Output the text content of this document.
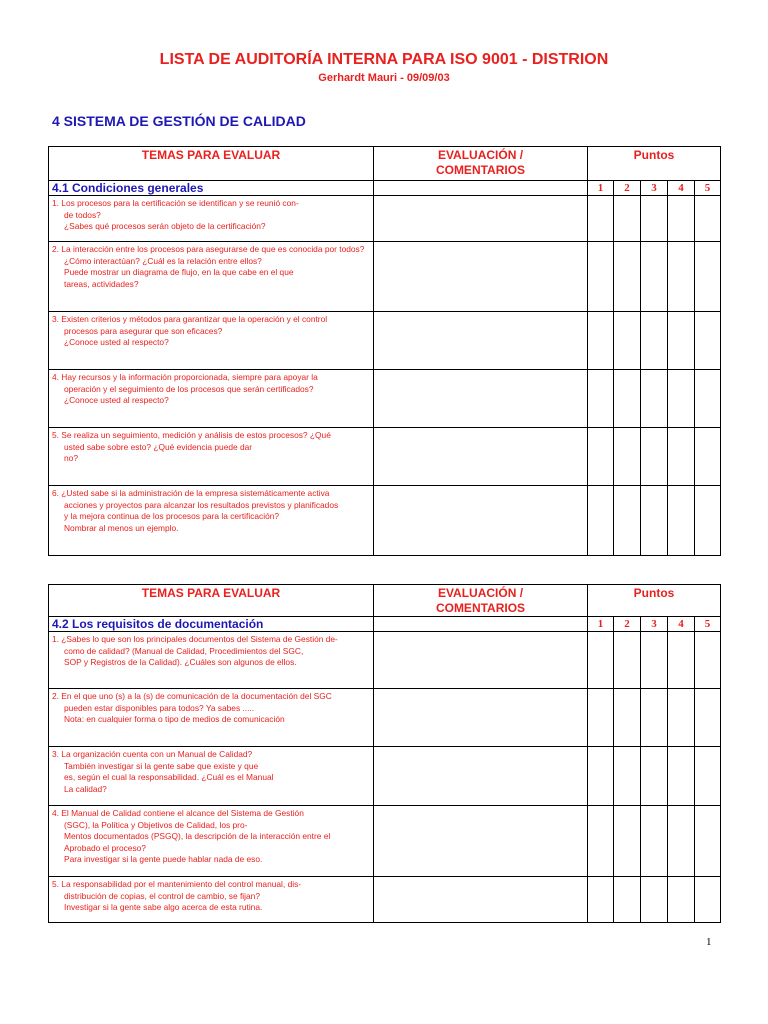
LISTA DE AUDITORÍA INTERNA PARA ISO 9001 - DISTRION
Gerhardt Mauri - 09/09/03
4 SISTEMA DE GESTIÓN DE CALIDAD
TEMAS PARA EVALUAR	EVALUACIÓN /
COMENTARIOS	Puntos				

4.1 Condiciones generales		1	2	3	4	5

1. Los procesos para la certificación se identifican y se reunió con-
de todos?
¿Sabes qué procesos serán objeto de la certificación?						

2. La interacción entre los procesos para asegurarse de que es conocida por todos?
¿Cómo interactúan? ¿Cuál es la relación entre ellos?
Puede mostrar un diagrama de flujo, en la que cabe en el que
tareas, actividades?						

3. Existen criterios y métodos para garantizar que la operación y el control
procesos para asegurar que son eficaces?
¿Conoce usted al respecto?						

4. Hay recursos y la información proporcionada, siempre para apoyar la
operación y el seguimiento de los procesos que serán certificados?
¿Conoce usted al respecto?						

5. Se realiza un seguimiento, medición y análisis de estos procesos? ¿Qué
usted sabe sobre esto? ¿Qué evidencia puede dar
no?						

6. ¿Usted sabe si la administración de la empresa sistemáticamente activa
acciones y proyectos para alcanzar los resultados previstos y planificados
y la mejora continua de los procesos para la certificación?
Nombrar al menos un ejemplo.						

TEMAS PARA EVALUAR	EVALUACIÓN /
COMENTARIOS	Puntos				
4.2 Los requisitos de documentación		1	2	3	4	5

1. ¿Sabes lo que son los principales documentos del Sistema de Gestión de-
como de calidad? (Manual de Calidad, Procedimientos del SGC,
SOP y Registros de la Calidad). ¿Cuáles son algunos de ellos.						

2. En el que uno (s) a la (s) de comunicación de la documentación del SGC
pueden estar disponibles para todos? Ya sabes .....
Nota: en cualquier forma o tipo de medios de comunicación						

3. La organización cuenta con un Manual de Calidad?
También investigar si la gente sabe que existe y que
es, según el cual la responsabilidad. ¿Cuál es el Manual
La calidad?						

4. El Manual de Calidad contiene el alcance del Sistema de Gestión
(SGC), la Política y Objetivos de Calidad, los pro-
Mentos documentados (PSGQ), la descripción de la interacción entre el
Aprobado el proceso?
Para investigar si la gente puede hablar nada de eso.						

5. La responsabilidad por el mantenimiento del control manual, dis-
distribución de copias, el control de cambio, se fijan?
Investigar si la gente sabe algo acerca de esta rutina.						

1
